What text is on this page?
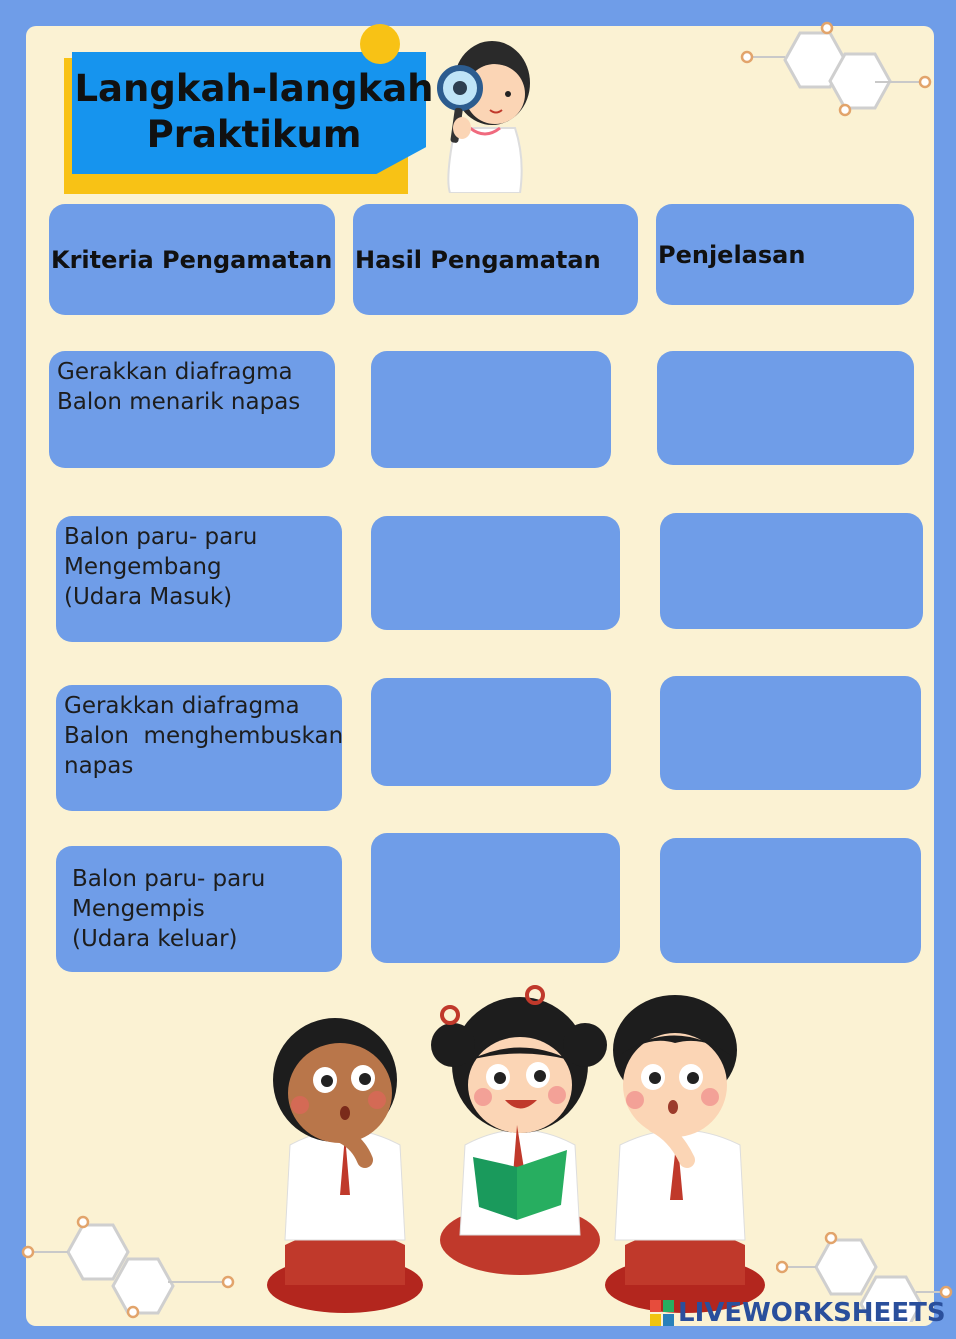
Langkah-langkah
Praktikum
Kriteria Pengamatan Hasil Pengamatan	Penjelasan
Gerakkan diafragma
Balon menarik napas
Balon paru- paru
Mengembang
(Udara Masuk)
Gerakkan diafragma
Balon  menghembuskan
napas
Balon paru- paru
Mengempis
(Udara keluar)
LIVEWORKSHEETS
